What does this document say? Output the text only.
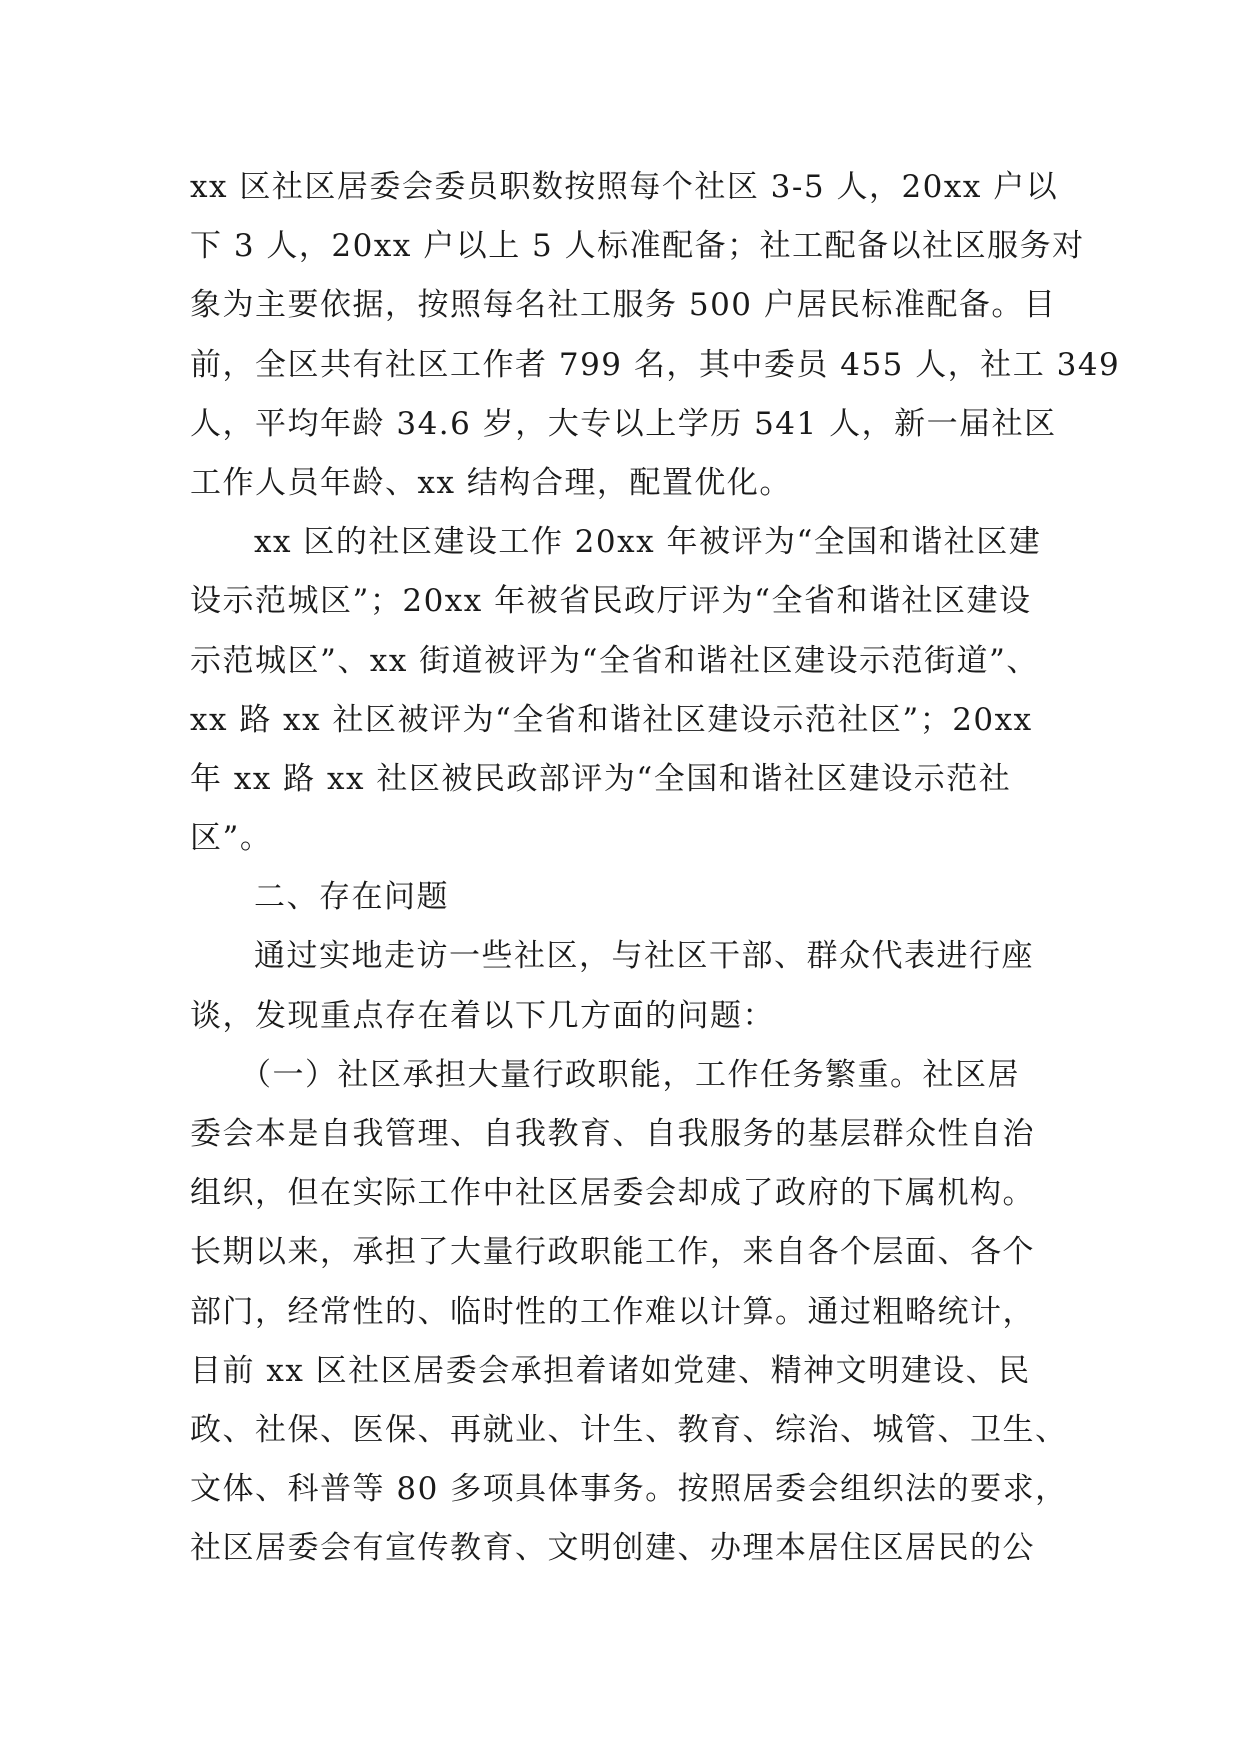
xx 区社区居委会委员职数按照每个社区 3-5 人，20xx 户以
下 3 人，20xx 户以上 5 人标准配备；社工配备以社区服务对
象为主要依据，按照每名社工服务 500 户居民标准配备。目
前，全区共有社区工作者 799 名，其中委员 455 人，社工 349
人，平均年龄 34.6 岁，大专以上学历 541 人，新一届社区
工作人员年龄、xx 结构合理，配置优化。
xx 区的社区建设工作 20xx 年被评为“全国和谐社区建
设示范城区”；20xx 年被省民政厅评为“全省和谐社区建设
示范城区”、xx 街道被评为“全省和谐社区建设示范街道”、
xx 路 xx 社区被评为“全省和谐社区建设示范社区”；20xx
年 xx 路 xx 社区被民政部评为“全国和谐社区建设示范社
区”。
二、存在问题
通过实地走访一些社区，与社区干部、群众代表进行座
谈，发现重点存在着以下几方面的问题：
（一）社区承担大量行政职能，工作任务繁重。社区居
委会本是自我管理、自我教育、自我服务的基层群众性自治
组织，但在实际工作中社区居委会却成了政府的下属机构。
长期以来，承担了大量行政职能工作，来自各个层面、各个
部门，经常性的、临时性的工作难以计算。通过粗略统计，
目前 xx 区社区居委会承担着诸如党建、精神文明建设、民
政、社保、医保、再就业、计生、教育、综治、城管、卫生、
文体、科普等 80 多项具体事务。按照居委会组织法的要求，
社区居委会有宣传教育、文明创建、办理本居住区居民的公
